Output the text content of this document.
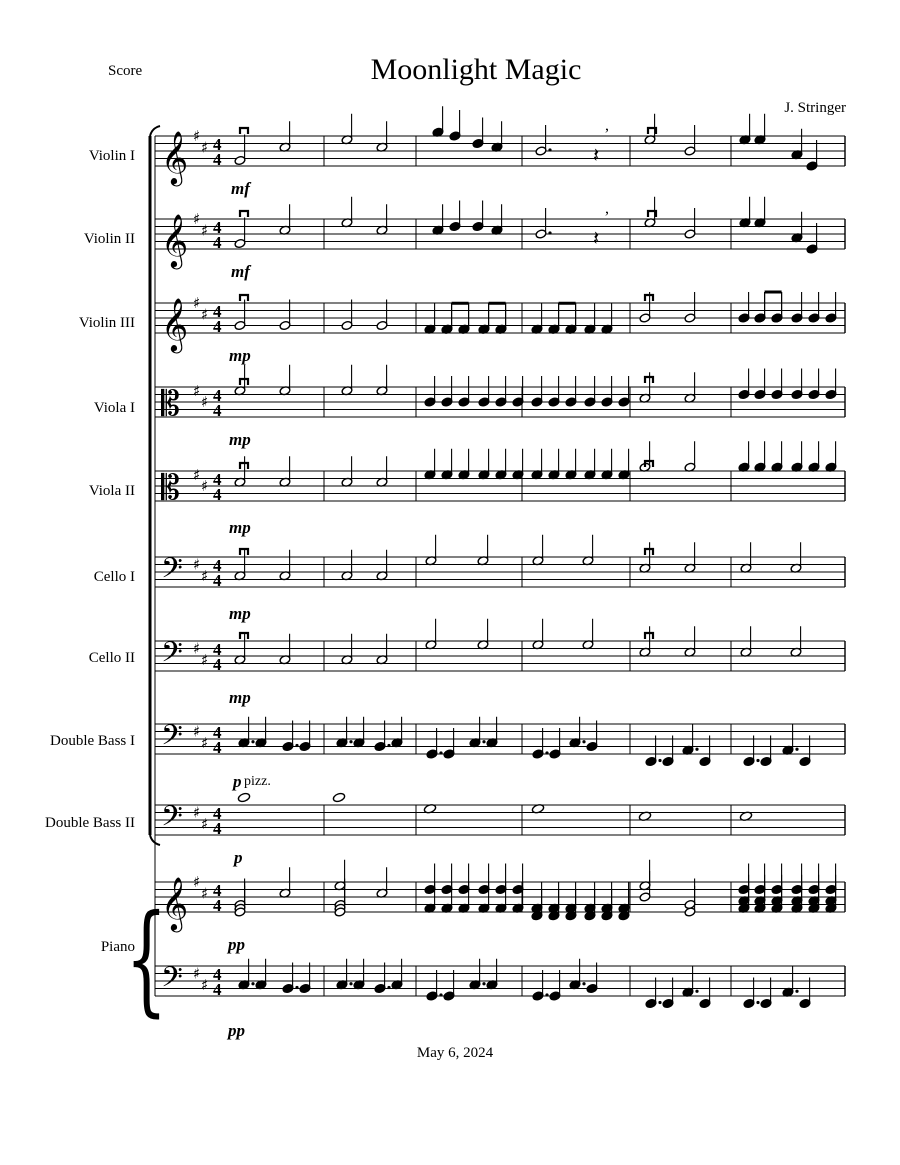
Score	Moonlight Magic
J. Stringer
May 6, 2024
Violin I
Violin II
Violin III
Viola I
Viola II
Cello I
Cello II
Double Bass I
Double Bass II
Piano
mf
mf
mp
mp
mp
mp
mp
p pizz.
p
pp
pp
𝄞 ♯
♯ 4
4
𝄞 ♯
♯ 4
4
𝄞 ♯
♯ 4
4
𝄡 ♯
♯ 4
4
𝄡 ♯
♯ 4
4
𝄢 ♯
♯
4
4
𝄢 ♯
♯
4
4
𝄢 ♯
♯
4
4
𝄢 ♯
♯
4
4
𝄞 ♯
♯ 4
4
𝄢 ♯
♯
4
4
{
𝄽
,
𝄽
,
